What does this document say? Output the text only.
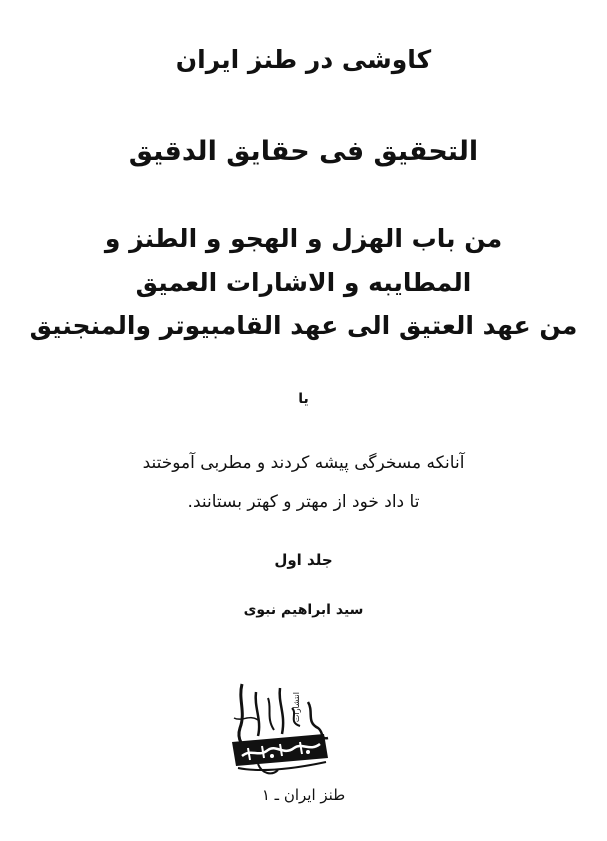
کاوشی در طنز ایران
التحقیق فی حقایق الدقیق
من باب الهزل و الهجو و الطنز و
المطایبه و الاشارات العمیق
من عهد العتیق الی عهد القامبیوتر والمنجنیق
یا
آنانکه مسخرگی پیشه کردند و مطربی آموختند
تا داد خود از مهتر و کهتر بستانند.
جلد اول
سید ابراهیم نبوی
انتشارات
طنز ایران ـ ۱
